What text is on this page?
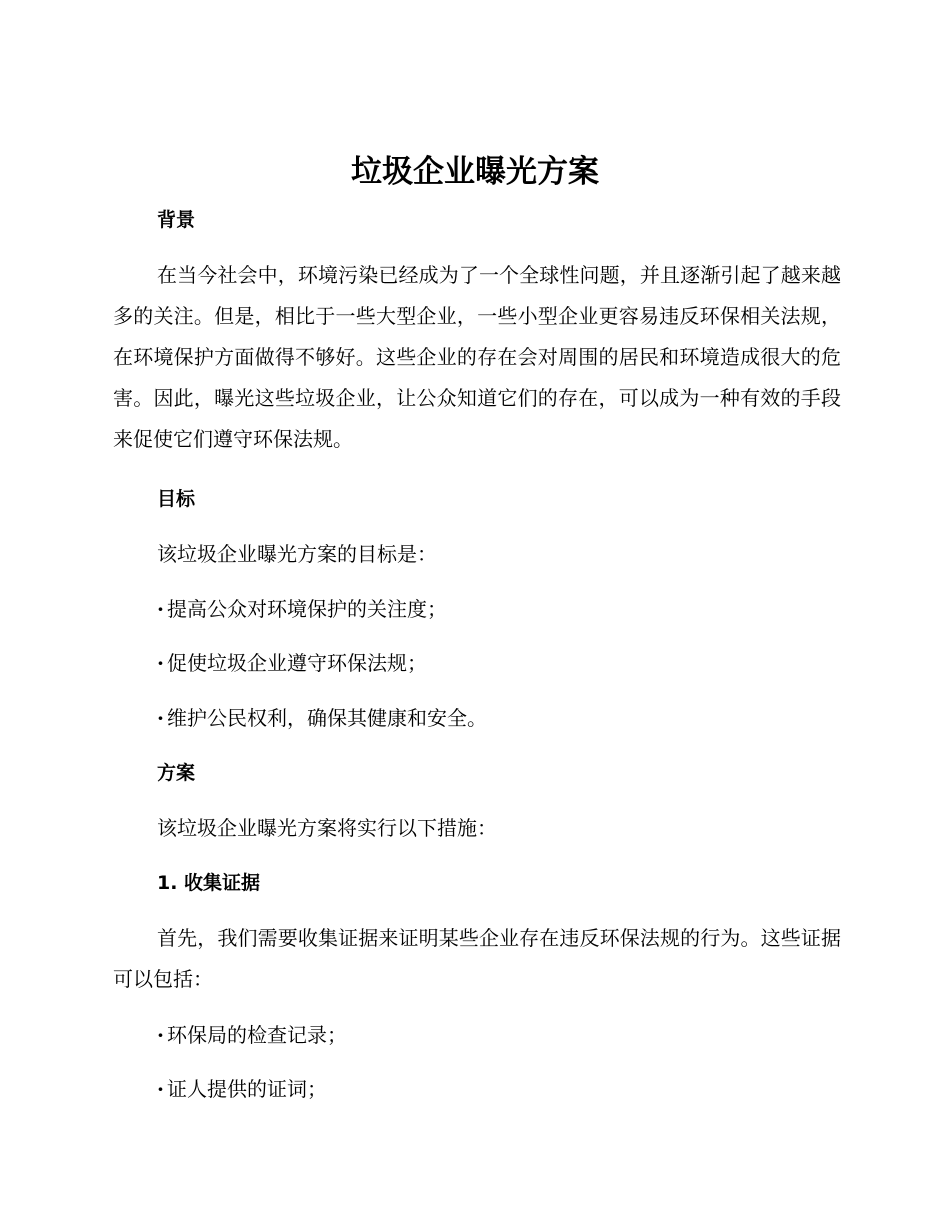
垃圾企业曝光方案
背景

在当今社会中，环境污染已经成为了一个全球性问题，并且逐渐引起了越来越多的关注。但是，相比于一些大型企业，一些小型企业更容易违反环保相关法规，在环境保护方面做得不够好。这些企业的存在会对周围的居民和环境造成很大的危害。因此，曝光这些垃圾企业，让公众知道它们的存在，可以成为一种有效的手段来促使它们遵守环保法规。

目标

该垃圾企业曝光方案的目标是：

· 提高公众对环境保护的关注度；

· 促使垃圾企业遵守环保法规；

· 维护公民权利，确保其健康和安全。

方案

该垃圾企业曝光方案将实行以下措施：

1. 收集证据

首先，我们需要收集证据来证明某些企业存在违反环保法规的行为。这些证据可以包括：

· 环保局的检查记录；

· 证人提供的证词；
